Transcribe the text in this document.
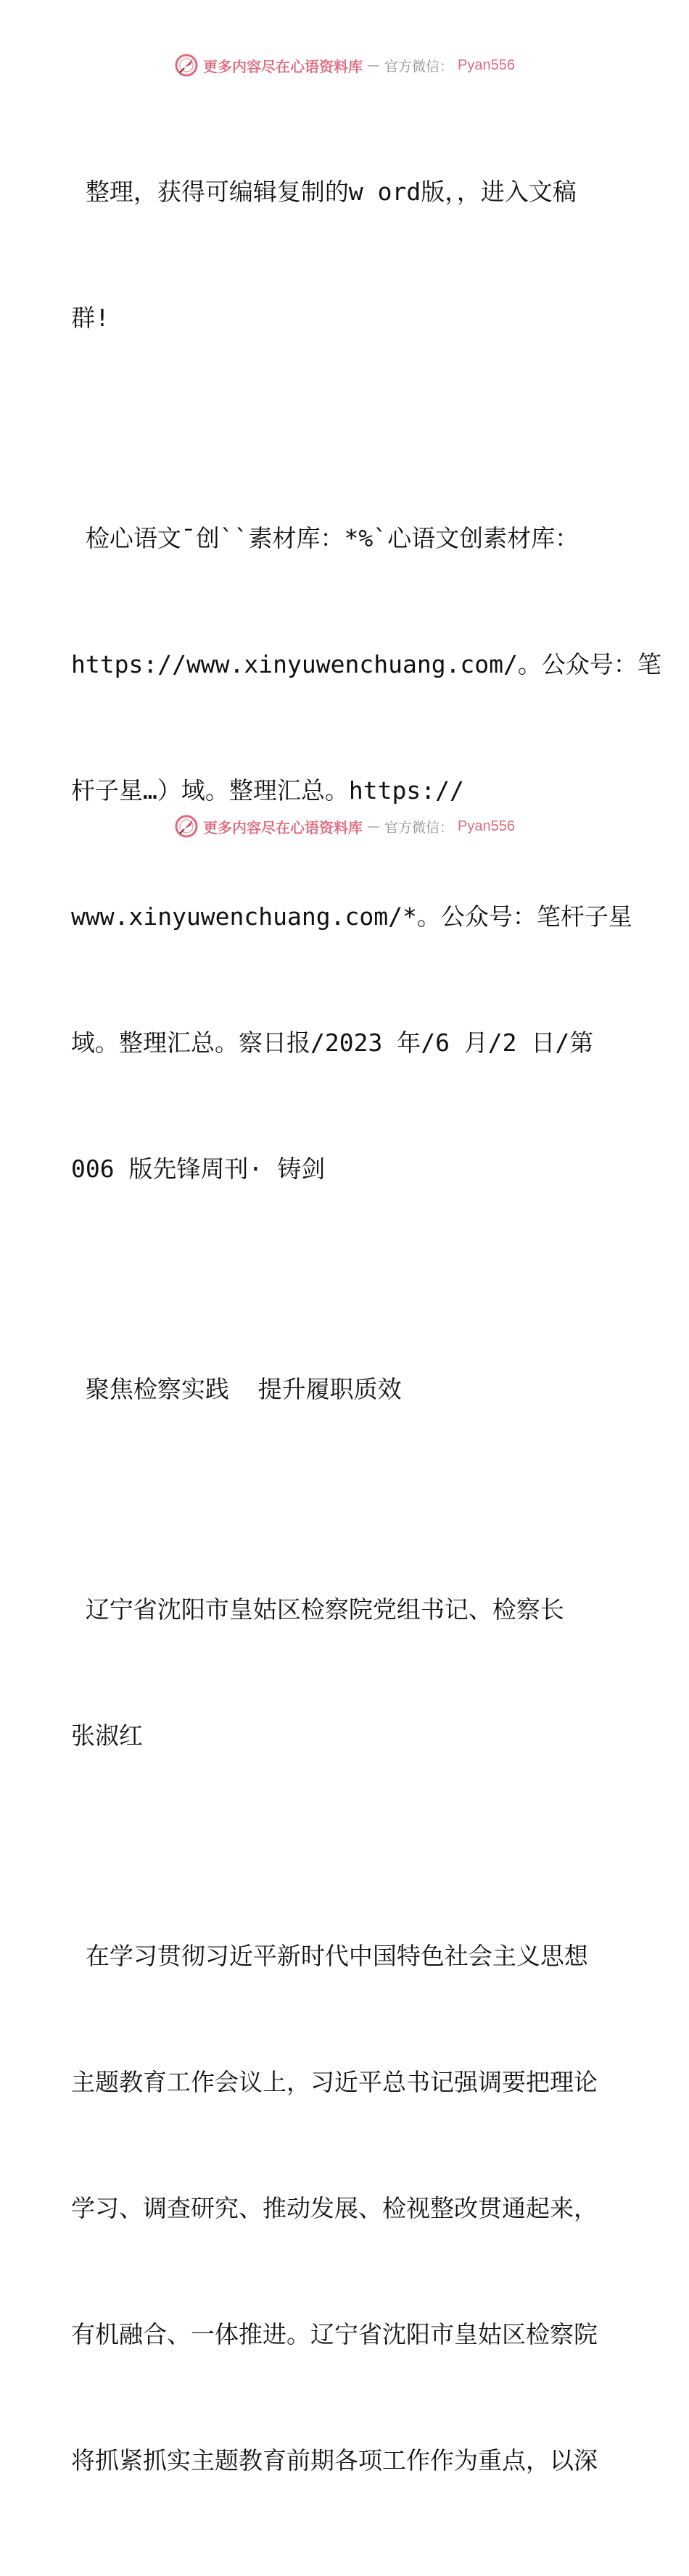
更多内容尽在心语资料库 — 官方微信： Pyan556

整理，获得可编辑复制的w ord版，，进入文稿

群!

检心语文¯创``素材库：*%`心语文创素材库：

https://www.xinyuwenchuang.com/。公众号：笔

杆子星…）域。整理汇总。https://

www.xinyuwenchuang.com/*。公众号：笔杆子星

域。整理汇总。察日报/2023 年/6 月/2 日/第

006 版先锋周刊· 铸剑

聚焦检察实践  提升履职质效

辽宁省沈阳市皇姑区检察院党组书记、检察长

张淑红

在学习贯彻习近平新时代中国特色社会主义思想

主题教育工作会议上，习近平总书记强调要把理论

学习、调查研究、推动发展、检视整改贯通起来，

有机融合、一体推进。辽宁省沈阳市皇姑区检察院

将抓紧抓实主题教育前期各项工作作为重点，以深

更多内容尽在心语资料库 — 官方微信： Pyan556
